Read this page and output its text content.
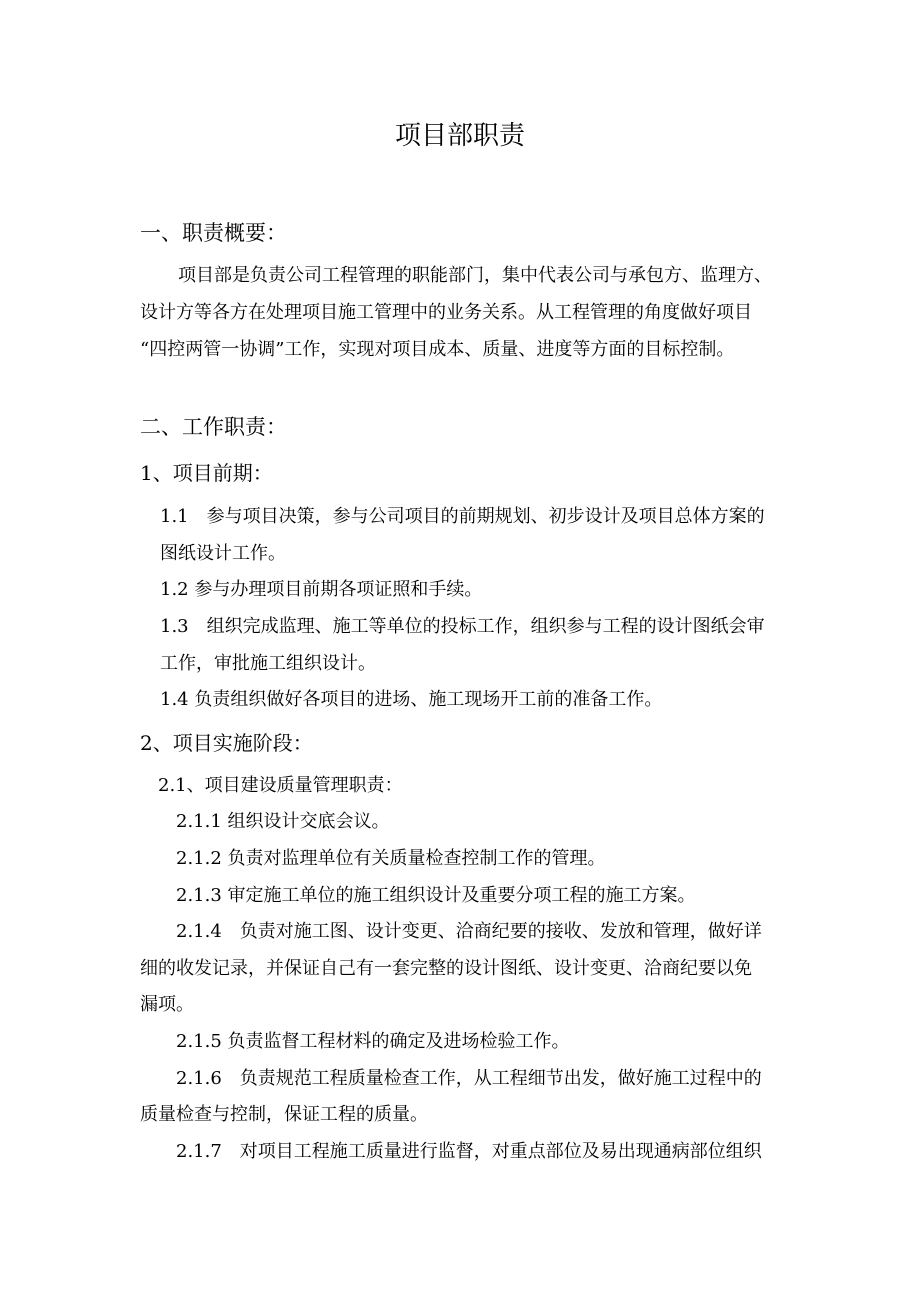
项目部职责
一、职责概要：
项目部是负责公司工程管理的职能部门，集中代表公司与承包方、监理方、
设计方等各方在处理项目施工管理中的业务关系。从工程管理的角度做好项目
“四控两管一协调”工作，实现对项目成本、质量、进度等方面的目标控制。
二、工作职责：
1、项目前期：
1.1　参与项目决策，参与公司项目的前期规划、初步设计及项目总体方案的
图纸设计工作。
1.2 参与办理项目前期各项证照和手续。
1.3　组织完成监理、施工等单位的投标工作，组织参与工程的设计图纸会审
工作，审批施工组织设计。
1.4 负责组织做好各项目的进场、施工现场开工前的准备工作。
2、项目实施阶段：
2.1、项目建设质量管理职责：
2.1.1 组织设计交底会议。
2.1.2 负责对监理单位有关质量检查控制工作的管理。
2.1.3 审定施工单位的施工组织设计及重要分项工程的施工方案。
2.1.4　负责对施工图、设计变更、洽商纪要的接收、发放和管理，做好详
细的收发记录，并保证自己有一套完整的设计图纸、设计变更、洽商纪要以免
漏项。
2.1.5 负责监督工程材料的确定及进场检验工作。
2.1.6　负责规范工程质量检查工作，从工程细节出发，做好施工过程中的
质量检查与控制，保证工程的质量。
2.1.7　对项目工程施工质量进行监督，对重点部位及易出现通病部位组织
